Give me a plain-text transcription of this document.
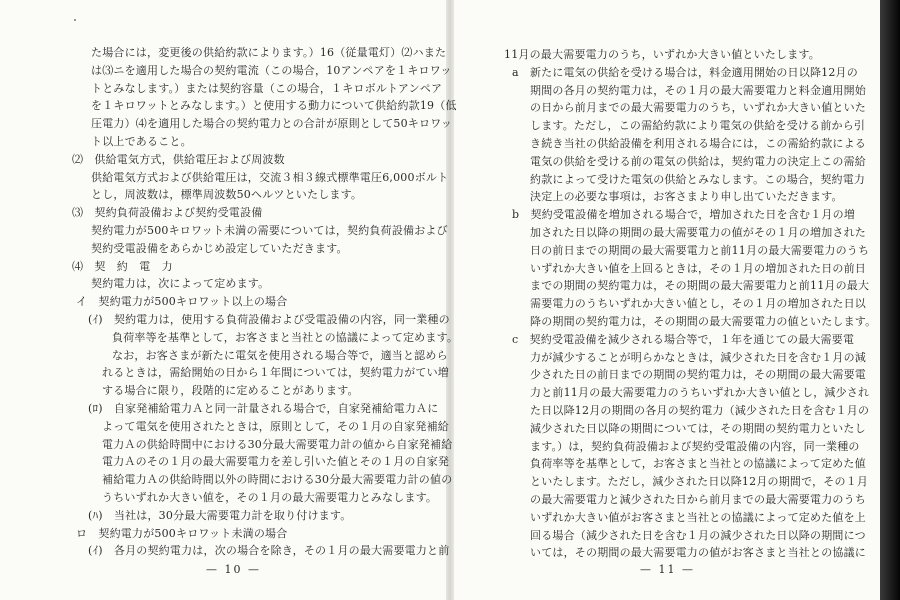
た場合には，変更後の供給約款によります。）16（従量電灯）⑵ハまた
は⑶ニを適用した場合の契約電流（この場合，10アンペアを１キロワッ
トとみなします。）または契約容量（この場合，１キロボルトアンペア
を１キロワットとみなします。）と使用する動力について供給約款19（低
圧電力）⑷を適用した場合の契約電力との合計が原則として50キロワッ
ト以上であること。
⑵　供給電気方式，供給電圧および周波数
供給電気方式および供給電圧は，交流３相３線式標準電圧6,000ボルト
とし，周波数は，標準周波数50ヘルツといたします。
⑶　契約負荷設備および契約受電設備
契約電力が500キロワット未満の需要については，契約負荷設備および
契約受電設備をあらかじめ設定していただきます。
⑷　契　約　電　力
契約電力は，次によって定めます。
イ　契約電力が500キロワット以上の場合
(ｲ)　契約電力は，使用する負荷設備および受電設備の内容，同一業種の
負荷率等を基準として，お客さまと当社との協議によって定めます。
なお，お客さまが新たに電気を使用される場合等で，適当と認めら
れるときは，需給開始の日から１年間については，契約電力がてい増
する場合に限り，段階的に定めることがあります。
(ﾛ)　自家発補給電力Ａと同一計量される場合で，自家発補給電力Ａに
よって電気を使用されたときは，原則として，その１月の自家発補給
電力Ａの供給時間中における30分最大需要電力計の値から自家発補給
電力Ａのその１月の最大需要電力を差し引いた値とその１月の自家発
補給電力Ａの供給時間以外の時間における30分最大需要電力計の値の
うちいずれか大きい値を，その１月の最大需要電力とみなします。
(ﾊ)　当社は，30分最大需要電力計を取り付けます。
ロ　契約電力が500キロワット未満の場合
(ｲ)　各月の契約電力は，次の場合を除き，その１月の最大需要電力と前
11月の最大需要電力のうち，いずれか大きい値といたします。
a　新たに電気の供給を受ける場合は，料金適用開始の日以降12月の
期間の各月の契約電力は，その１月の最大需要電力と料金適用開始
の日から前月までの最大需要電力のうち，いずれか大きい値といた
します。ただし，この需給約款により電気の供給を受ける前から引
き続き当社の供給設備を利用される場合には，この需給約款による
電気の供給を受ける前の電気の供給は，契約電力の決定上この需給
約款によって受けた電気の供給とみなします。この場合，契約電力
決定上の必要な事項は，お客さまより申し出ていただきます。
b　契約受電設備を増加される場合で，増加された日を含む１月の増
加された日以降の期間の最大需要電力の値がその１月の増加された
日の前日までの期間の最大需要電力と前11月の最大需要電力のうち
いずれか大きい値を上回るときは，その１月の増加された日の前日
までの期間の契約電力は，その期間の最大需要電力と前11月の最大
需要電力のうちいずれか大きい値とし，その１月の増加された日以
降の期間の契約電力は，その期間の最大需要電力の値といたします。
c　契約受電設備を減少される場合等で，１年を通じての最大需要電
力が減少することが明らかなときは，減少された日を含む１月の減
少された日の前日までの期間の契約電力は，その期間の最大需要電
力と前11月の最大需要電力のうちいずれか大きい値とし，減少され
た日以降12月の期間の各月の契約電力（減少された日を含む１月の
減少された日以降の期間については，その期間の契約電力といたし
ます。）は，契約負荷設備および契約受電設備の内容，同一業種の
負荷率等を基準として，お客さまと当社との協議によって定めた値
といたします。ただし，減少された日以降12月の期間で，その１月
の最大需要電力と減少された日から前月までの最大需要電力のうち
いずれか大きい値がお客さまと当社との協議によって定めた値を上
回る場合（減少された日を含む１月の減少された日以降の期間につ
いては，その期間の最大需要電力の値がお客さまと当社との協議に
— 10 —	— 11 —
